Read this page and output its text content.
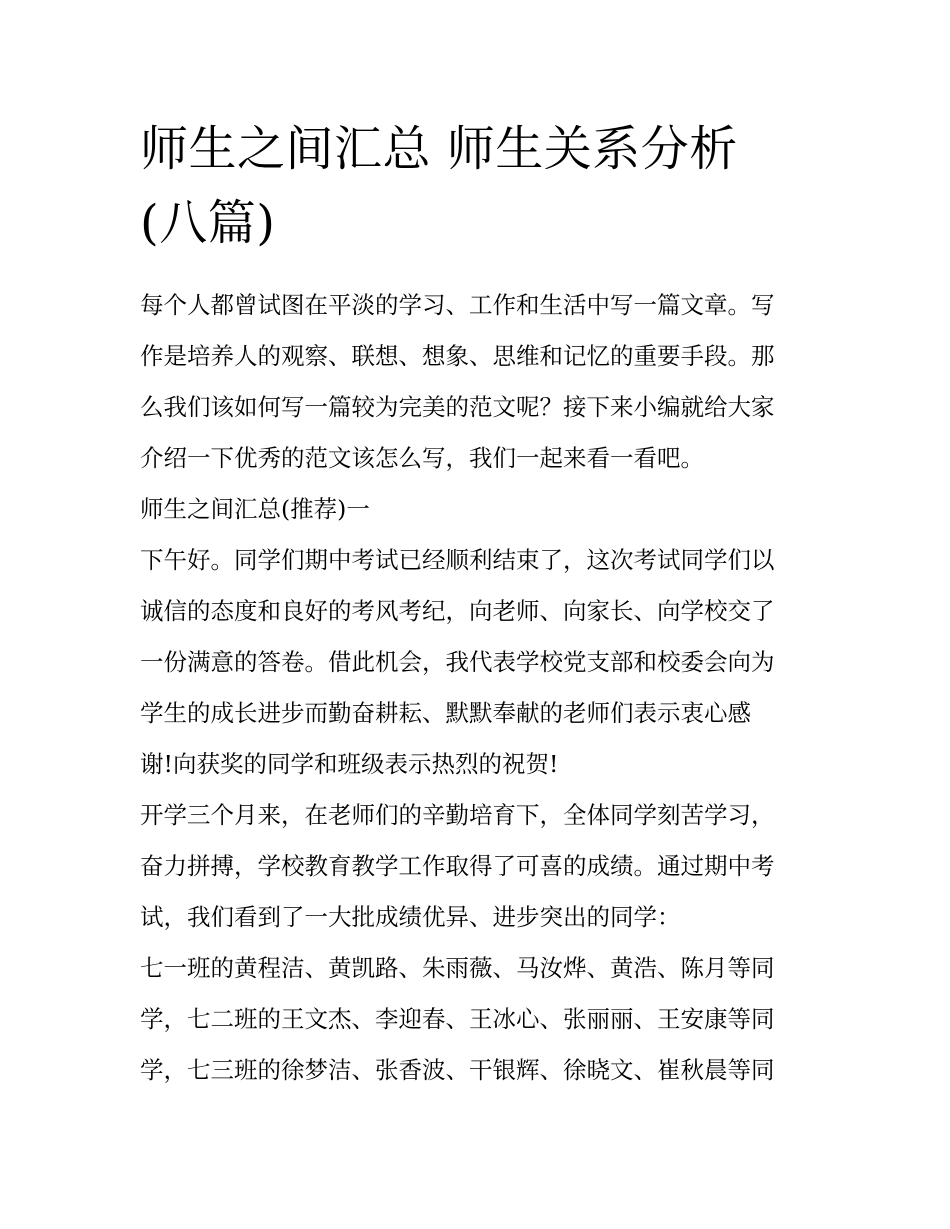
师生之间汇总 师生关系分析
(八篇)

每个人都曾试图在平淡的学习、工作和生活中写一篇文章。写
作是培养人的观察、联想、想象、思维和记忆的重要手段。那
么我们该如何写一篇较为完美的范文呢？接下来小编就给大家
介绍一下优秀的范文该怎么写，我们一起来看一看吧。

师生之间汇总(推荐)一

下午好。同学们期中考试已经顺利结束了，这次考试同学们以
诚信的态度和良好的考风考纪，向老师、向家长、向学校交了
一份满意的答卷。借此机会，我代表学校党支部和校委会向为
学生的成长进步而勤奋耕耘、默默奉献的老师们表示衷心感
谢!向获奖的同学和班级表示热烈的祝贺!

开学三个月来，在老师们的辛勤培育下，全体同学刻苦学习，
奋力拼搏，学校教育教学工作取得了可喜的成绩。通过期中考
试，我们看到了一大批成绩优异、进步突出的同学：

七一班的黄程洁、黄凯路、朱雨薇、马汝烨、黄浩、陈月等同
学，七二班的王文杰、李迎春、王冰心、张丽丽、王安康等同
学，七三班的徐梦洁、张香波、干银辉、徐晓文、崔秋晨等同
